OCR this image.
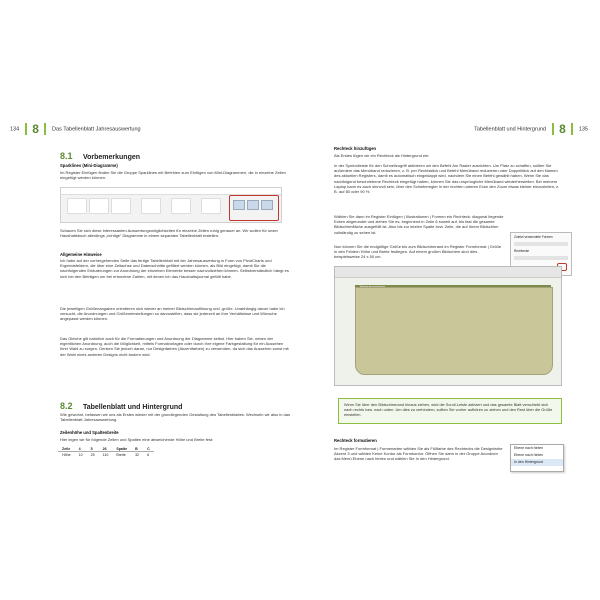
134 8 Das Tabellenblatt Jahresauswertung	Tabellenblatt und Hintergrund 8 135
8.1 Vorbemerkungen
Sparklines (Mini-Diagramme)
Im Register Einfügen finden Sie die Gruppe Sparklines mit Befehlen zum Einfügen von Mini-Diagrammen, die in einzelne Zellen eingefügt werden können.
Schauen Sie sich diese interessanten Auswertungsmöglichkeiten für einzelne Zellen ruhig genauer an. Wir wollen für unser Haushaltsbuch allerdings „richtige“ Diagramme in einem separaten Tabellenblatt erstellen.
Allgemeine Hinweise
Ich habe auf der vorhergehenden Seite das fertige Tabellenblatt mit der Jahresauswertung in Form von PivotCharts und Ergebnisfeldern, die über eine Zeitachse und Datenschnitte gefiltert werden können, als Bild eingefügt, damit Sie die nachfolgenden Erläuterungen zur Anordnung der einzelnen Elemente besser nachvollziehen können. Selbstverständlich hängt es sich bei den Beträgen um frei erfundene Zahlen, mit denen ich das Haushaltsjournal gefüllt habe.
Die jeweiligen Größenangaben orientieren sich wieder an meiner Bildschirmauflösung und -größe. Unabhängig davon habe ich versucht, die Anordnungen und Größeneinstellungen so darzustellen, dass sie jederzeit an Ihre Verhältnisse und Wünsche angepasst werden können.
Das Gleiche gilt natürlich auch für die Formatierungen und Anordnung der Diagramme selbst. Hier haben Sie, neben der eigentlichen Anordnung, auch die Möglichkeit, mittels Formatvorlagen oder durch Ihre eigene Farbgestaltung für ein Aussehen Ihrer Wahl zu sorgen. Denken Sie jedoch daran, nur Designfarben (Akzentfarben) zu verwenden, da sich das Aussehen sonst mit der Wahl eines anderen Designs nicht ändern wird.
8.2 Tabellenblatt und Hintergrund
Wie gewohnt, befassen wir uns als Erstes wieder mit der grundlegenden Gestaltung des Tabellenblattes. Wechseln wir also in das Tabellenblatt Jahresauswertung.
Zeilenhöhe und Spaltenbreite
Hier legen wir für folgende Zeilen und Spalten eine abweichende Höhe und Breite fest:
Zeile	4	5	26	Spalte	B	C
Höhe	10	25	110	Breite	32	6
Rechteck hinzufügen
Als Erstes fügen wir ein Rechteck als Hintergrund ein:
In der Symbolleiste für den Schnellzugriff aktivieren wir den Befehl Am Raster ausrichten. Um Platz zu schaffen, sollten Sie außerdem das Menüband reduzieren, z. B. per Rechtsklick und Befehl Menüband reduzieren oder Doppelklick auf den Namen des aktuellen Registers, damit es automatisch eingeklappt wird, nachdem Sie einen Befehl gewählt haben. Wenn Sie das nachfolgend beschriebene Rechteck eingefügt haben, können Sie das ursprüngliche Menüband wiederherstellen. Bei meinem Laptop kann es auch sinnvoll sein, über den Schieberegler in der rechten unteren Ecke den Zoom etwas kleiner einzustellen, z. B. auf 80 oder 90 %.
Wählen Sie dann im Register Einfügen | Illustrationen | Formen ein Rechteck: diagonal liegende Ecken abgerundet und ziehen Sie es, beginnend in Zeile 6 soweit auf, bis fast die gesamte Bildschirmfläche ausgefüllt ist. Also bis zur letzten Spalte bzw. Zeile, die auf Ihrem Bildschirm vollständig zu sehen ist.
Zuletzt verwendete Formen
Rechtecke
Nun können Sie die endgültige Größe bis zum Bildschirmrand im Register Formformat | Größe in den Feldern Höhe und Breite festlegen. Auf einem großen Bildschirm sind dies beispielsweise 24 x 50 cm.
Wenn Sie über den Bildschirmrand hinaus ziehen, wird die Scroll-Leiste aktiviert und das gesamte Blatt verschiebt sich nach rechts bzw. nach unten. Um dies zu verhindern, sollten Sie vorher aufhören zu ziehen und den Rest über die Größe einstellen.
Rechteck formatieren
Im Register Formformat | Formenarten wählen Sie als Füllfarbe des Rechtecks die Designfarbe Akzent 3 und wählen Keine Kontur als Formkontur. Öffnen Sie dann in der Gruppe Anordnen das Menü Ebene nach hinten und wählen Sie In den Hintergrund.
Ebene nach hinten
Ebene nach hinten
In den Hintergrund
